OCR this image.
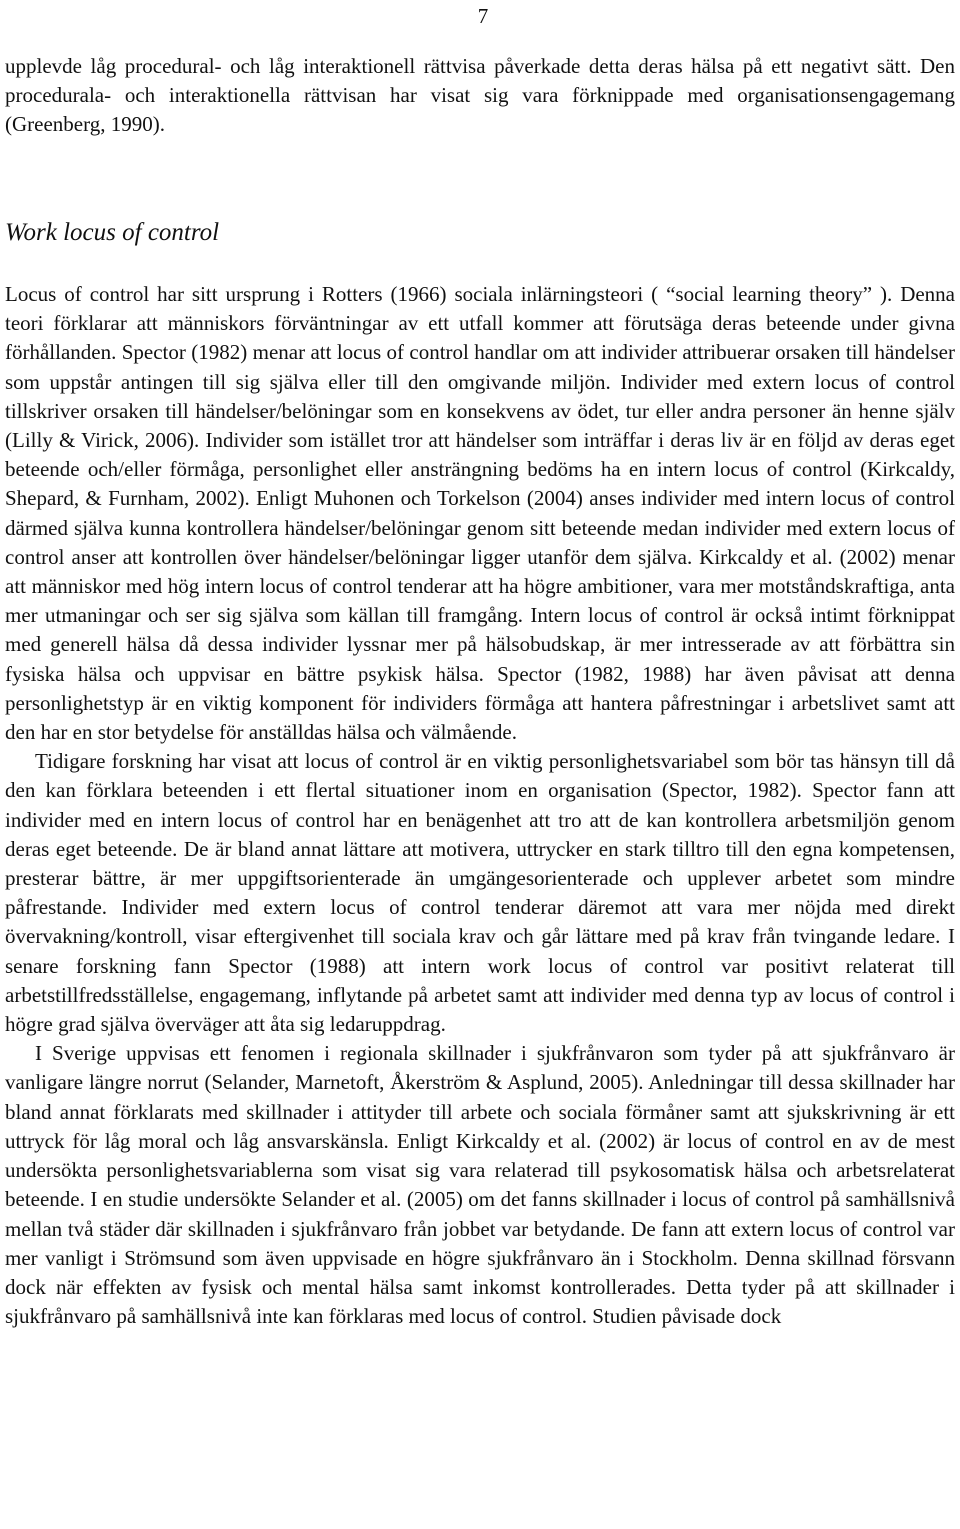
7

upplevde låg procedural- och låg interaktionell rättvisa påverkade detta deras hälsa på ett negativt sätt. Den procedurala- och interaktionella rättvisan har visat sig vara förknippade med organisationsengagemang (Greenberg, 1990).

Work locus of control

Locus of control har sitt ursprung i Rotters (1966) sociala inlärningsteori ( “social learning theory” ). Denna teori förklarar att människors förväntningar av ett utfall kommer att förutsäga deras beteende under givna förhållanden. Spector (1982) menar att locus of control handlar om att individer attribuerar orsaken till händelser som uppstår antingen till sig själva eller till den omgivande miljön. Individer med extern locus of control tillskriver orsaken till händelser/belöningar som en konsekvens av ödet, tur eller andra personer än henne själv (Lilly & Virick, 2006). Individer som istället tror att händelser som inträffar i deras liv är en följd av deras eget beteende och/eller förmåga, personlighet eller ansträngning bedöms ha en intern locus of control (Kirkcaldy, Shepard, & Furnham, 2002). Enligt Muhonen och Torkelson (2004) anses individer med intern locus of control därmed själva kunna kontrollera händelser/belöningar genom sitt beteende medan individer med extern locus of control anser att kontrollen över händelser/belöningar ligger utanför dem själva. Kirkcaldy et al. (2002) menar att människor med hög intern locus of control tenderar att ha högre ambitioner, vara mer motståndskraftiga, anta mer utmaningar och ser sig själva som källan till framgång. Intern locus of control är också intimt förknippat med generell hälsa då dessa individer lyssnar mer på hälsobudskap, är mer intresserade av att förbättra sin fysiska hälsa och uppvisar en bättre psykisk hälsa. Spector (1982, 1988) har även påvisat att denna personlighetstyp är en viktig komponent för individers förmåga att hantera påfrestningar i arbetslivet samt att den har en stor betydelse för anställdas hälsa och välmående.

Tidigare forskning har visat att locus of control är en viktig personlighetsvariabel som bör tas hänsyn till då den kan förklara beteenden i ett flertal situationer inom en organisation (Spector, 1982). Spector fann att individer med en intern locus of control har en benägenhet att tro att de kan kontrollera arbetsmiljön genom deras eget beteende. De är bland annat lättare att motivera, uttrycker en stark tilltro till den egna kompetensen, presterar bättre, är mer uppgiftsorienterade än umgängesorienterade och upplever arbetet som mindre påfrestande. Individer med extern locus of control tenderar däremot att vara mer nöjda med direkt övervakning/kontroll, visar eftergivenhet till sociala krav och går lättare med på krav från tvingande ledare. I senare forskning fann Spector (1988) att intern work locus of control var positivt relaterat till arbetstillfredsställelse, engagemang, inflytande på arbetet samt att individer med denna typ av locus of control i högre grad själva överväger att åta sig ledaruppdrag.

I Sverige uppvisas ett fenomen i regionala skillnader i sjukfrånvaron som tyder på att sjukfrånvaro är vanligare längre norrut (Selander, Marnetoft, Åkerström & Asplund, 2005). Anledningar till dessa skillnader har bland annat förklarats med skillnader i attityder till arbete och sociala förmåner samt att sjukskrivning är ett uttryck för låg moral och låg ansvarskänsla. Enligt Kirkcaldy et al. (2002) är locus of control en av de mest undersökta personlighetsvariablerna som visat sig vara relaterad till psykosomatisk hälsa och arbetsrelaterat beteende. I en studie undersökte Selander et al. (2005) om det fanns skillnader i locus of control på samhällsnivå mellan två städer där skillnaden i sjukfrånvaro från jobbet var betydande. De fann att extern locus of control var mer vanligt i Strömsund som även uppvisade en högre sjukfrånvaro än i Stockholm. Denna skillnad försvann dock när effekten av fysisk och mental hälsa samt inkomst kontrollerades. Detta tyder på att skillnader i sjukfrånvaro på samhällsnivå inte kan förklaras med locus of control. Studien påvisade dock
